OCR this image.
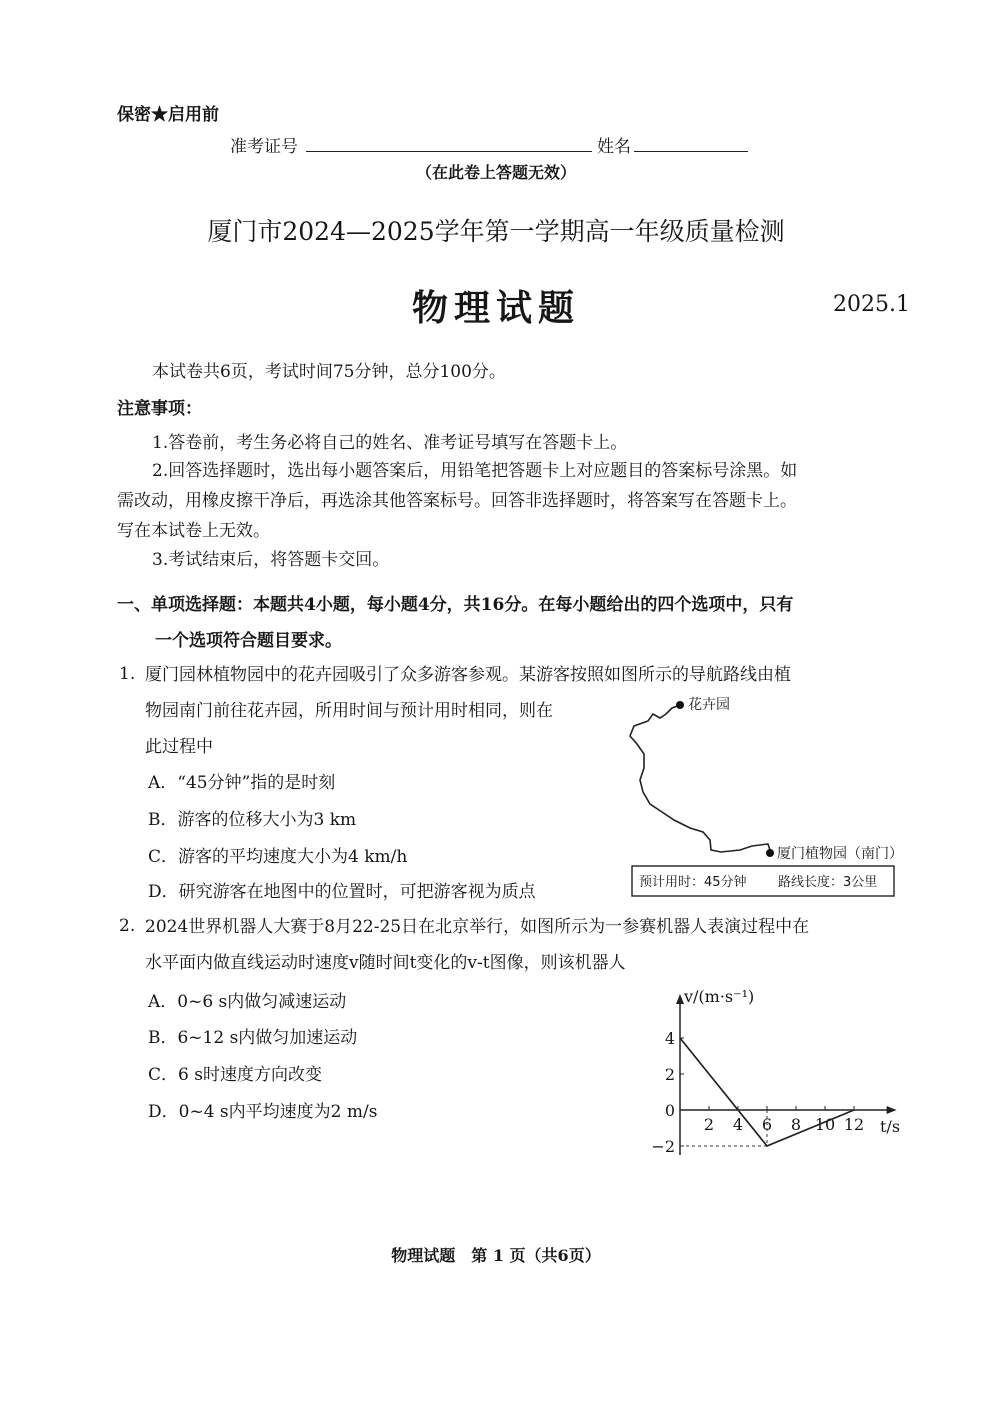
保密★启用前
准考证号	姓名
（在此卷上答题无效）
厦门市2024—2025学年第一学期高一年级质量检测
物理试题	2025.1
本试卷共6页，考试时间75分钟，总分100分。
注意事项：
1.答卷前，考生务必将自己的姓名、准考证号填写在答题卡上。
2.回答选择题时，选出每小题答案后，用铅笔把答题卡上对应题目的答案标号涂黑。如
需改动，用橡皮擦干净后，再选涂其他答案标号。回答非选择题时，将答案写在答题卡上。
写在本试卷上无效。
3.考试结束后，将答题卡交回。
一、单项选择题：本题共4小题，每小题4分，共16分。在每小题给出的四个选项中，只有
一个选项符合题目要求。
1. 厦门园林植物园中的花卉园吸引了众多游客参观。某游客按照如图所示的导航路线由植
物园南门前往花卉园，所用时间与预计用时相同，则在
此过程中
A．“45分钟”指的是时刻
B．游客的位移大小为3 km
C．游客的平均速度大小为4 km/h
D．研究游客在地图中的位置时，可把游客视为质点
花卉园
厦门植物园（南门）
预计用时：45分钟 路线长度：3公里
2. 2024世界机器人大赛于8月22-25日在北京举行，如图所示为一参赛机器人表演过程中在
水平面内做直线运动时速度v随时间t变化的v-t图像，则该机器人
A．0~6 s内做匀减速运动
B．6~12 s内做匀加速运动
C．6 s时速度方向改变
D．0~4 s内平均速度为2 m/s
v/(m·s⁻¹)
t/s
2 4 6 8 10 12
4
2
0
−2
物理试题　第 1 页（共6页）
